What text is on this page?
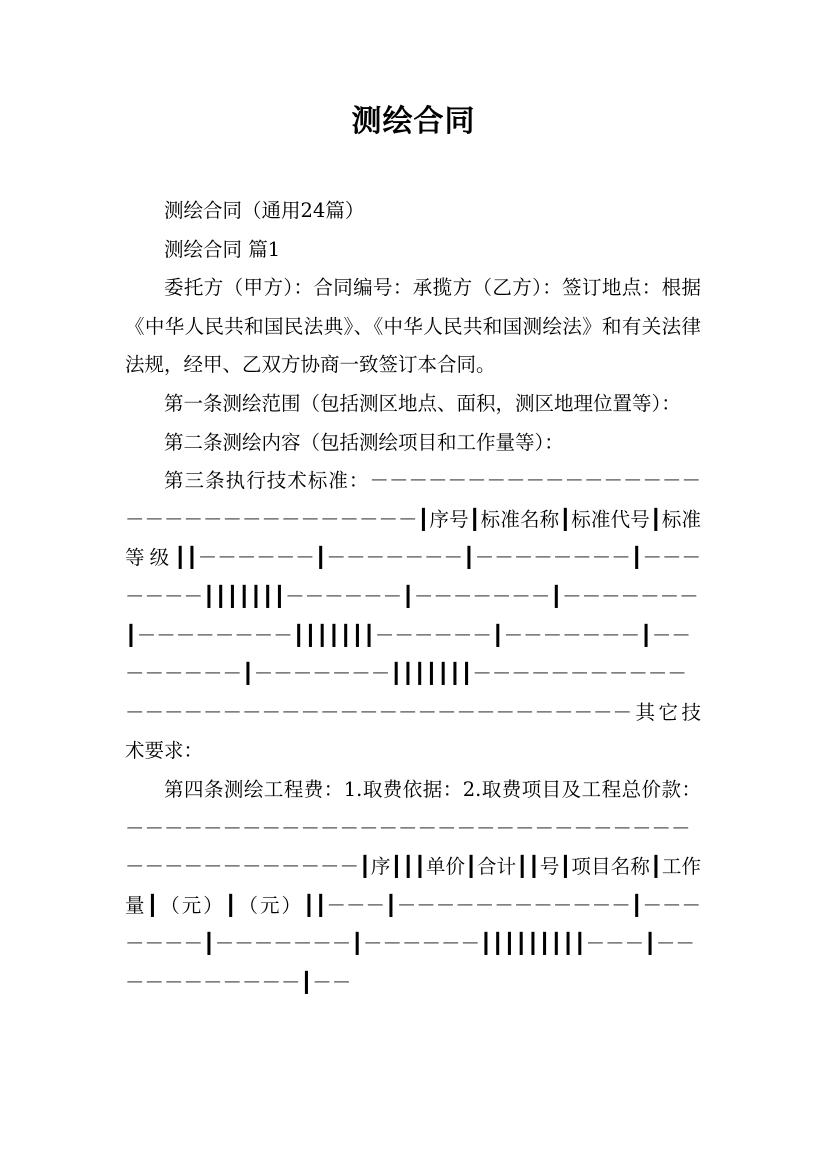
测绘合同

测绘合同（通用24篇）

测绘合同 篇1

委托方（甲方）：合同编号：承揽方（乙方）：签订地点：根据《中华人民共和国民法典》、《中华人民共和国测绘法》和有关法律法规，经甲、乙双方协商一致签订本合同。

第一条测绘范围（包括测区地点、面积，测区地理位置等）：

第二条测绘内容（包括测绘项目和工作量等）：

第三条执行技术标准：－－－－－－－－－－－－－－－－－－－－－－－－－－－－－－－－┃序号┃标准名称┃标准代号┃标准等级┃┃－－－－－－┃－－－－－－－┃－－－－－－－－┃－－－－－－－┃┃┃┃┃┃┃－－－－－－┃－－－－－－－┃－－－－－－－┃－－－－－－－－┃┃┃┃┃┃┃－－－－－－┃－－－－－－－┃－－－－－－－－┃－－－－－－－┃┃┃┃┃┃┃－－－－－－－－－－－－－－－－－－－－－－－－－－－－－－－－－－－－－其它技术要求：

第四条测绘工程费：1.取费依据：2.取费项目及工程总价款：－－－－－－－－－－－－－－－－－－－－－－－－－－－－－－－－－－－－－－－－－┃序┃┃┃单价┃合计┃┃号┃项目名称┃工作量┃（元）┃（元）┃┃－－－┃－－－－－－－－－－－－┃－－－－－－－┃－－－－－－－┃－－－－－－┃┃┃┃┃┃┃┃┃－－－┃－－－－－－－－－－－┃－－
